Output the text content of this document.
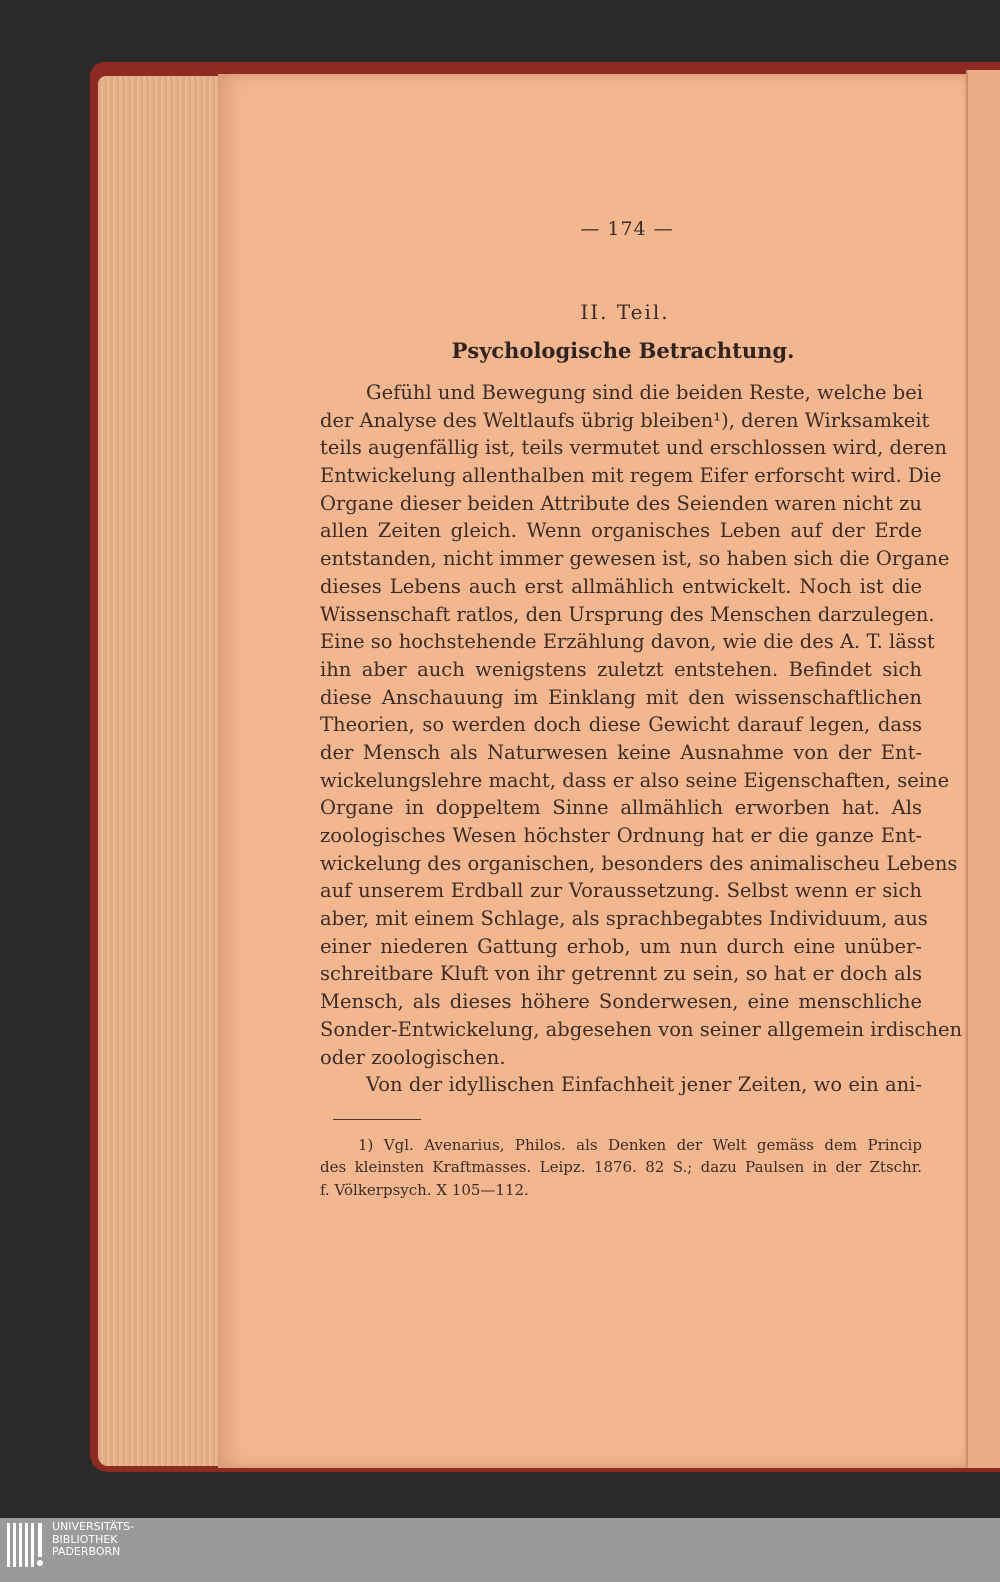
— 174 —
II. Teil.
Psychologische Betrachtung.
Gefühl und Bewegung sind die beiden Reste, welche bei
der Analyse des Weltlaufs übrig bleiben¹), deren Wirksamkeit
teils augenfällig ist, teils vermutet und erschlossen wird, deren
Entwickelung allenthalben mit regem Eifer erforscht wird. Die
Organe dieser beiden Attribute des Seienden waren nicht zu
allen Zeiten gleich. Wenn organisches Leben auf der Erde
entstanden, nicht immer gewesen ist, so haben sich die Organe
dieses Lebens auch erst allmählich entwickelt. Noch ist die
Wissenschaft ratlos, den Ursprung des Menschen darzulegen.
Eine so hochstehende Erzählung davon, wie die des A. T. lässt
ihn aber auch wenigstens zuletzt entstehen. Befindet sich
diese Anschauung im Einklang mit den wissenschaftlichen
Theorien, so werden doch diese Gewicht darauf legen, dass
der Mensch als Naturwesen keine Ausnahme von der Ent-
wickelungslehre macht, dass er also seine Eigenschaften, seine
Organe in doppeltem Sinne allmählich erworben hat. Als
zoologisches Wesen höchster Ordnung hat er die ganze Ent-
wickelung des organischen, besonders des animalischeu Lebens
auf unserem Erdball zur Voraussetzung. Selbst wenn er sich
aber, mit einem Schlage, als sprachbegabtes Individuum, aus
einer niederen Gattung erhob, um nun durch eine unüber-
schreitbare Kluft von ihr getrennt zu sein, so hat er doch als
Mensch, als dieses höhere Sonderwesen, eine menschliche
Sonder-Entwickelung, abgesehen von seiner allgemein irdischen
oder zoologischen.
Von der idyllischen Einfachheit jener Zeiten, wo ein ani-
1) Vgl. Avenarius, Philos. als Denken der Welt gemäss dem Princip
des kleinsten Kraftmasses. Leipz. 1876. 82 S.; dazu Paulsen in der Ztschr.
f. Völkerpsych. X 105—112.
UNIVERSITÄTS-
BIBLIOTHEK
PADERBORN
